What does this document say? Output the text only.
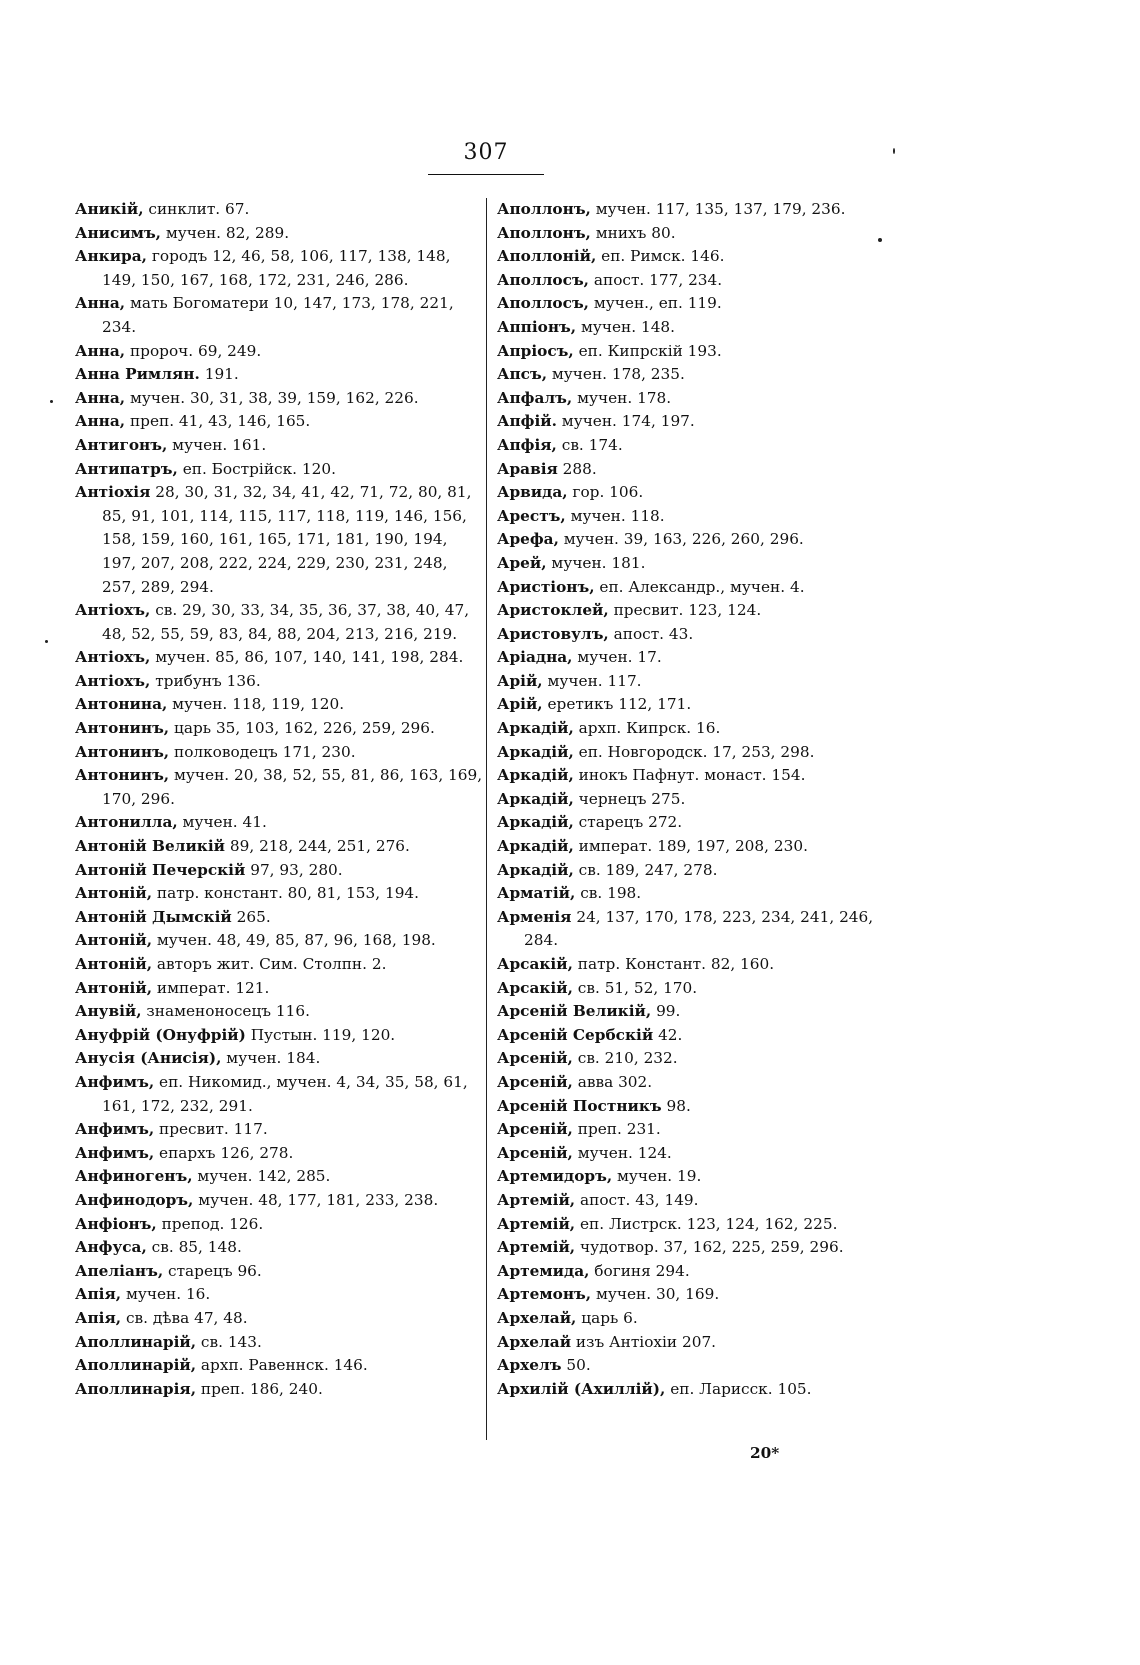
307
Аникій, синклит. 67.
Анисимъ, мучен. 82, 289.
Анкира, городъ 12, 46, 58, 106, 117, 138, 148, 149, 150, 167, 168, 172, 231, 246, 286.
Анна, мать Богоматери 10, 147, 173, 178, 221, 234.
Анна, пророч. 69, 249.
Анна Римлян. 191.
Анна, мучен. 30, 31, 38, 39, 159, 162, 226.
Анна, преп. 41, 43, 146, 165.
Антигонъ, мучен. 161.
Антипатръ, еп. Бострійск. 120.
Антіохія 28, 30, 31, 32, 34, 41, 42, 71, 72, 80, 81, 85, 91, 101, 114, 115, 117, 118, 119, 146, 156, 158, 159, 160, 161, 165, 171, 181, 190, 194, 197, 207, 208, 222, 224, 229, 230, 231, 248, 257, 289, 294.
Антіохъ, св. 29, 30, 33, 34, 35, 36, 37, 38, 40, 47, 48, 52, 55, 59, 83, 84, 88, 204, 213, 216, 219.
Антіохъ, мучен. 85, 86, 107, 140, 141, 198, 284.
Антіохъ, трибунъ 136.
Антонина, мучен. 118, 119, 120.
Антонинъ, царь 35, 103, 162, 226, 259, 296.
Антонинъ, полководецъ 171, 230.
Антонинъ, мучен. 20, 38, 52, 55, 81, 86, 163, 169, 170, 296.
Антонилла, мучен. 41.
Антоній Великій 89, 218, 244, 251, 276.
Антоній Печерскій 97, 93, 280.
Антоній, патр. констант. 80, 81, 153, 194.
Антоній Дымскій 265.
Антоній, мучен. 48, 49, 85, 87, 96, 168, 198.
Антоній, авторъ жит. Сим. Столпн. 2.
Антоній, императ. 121.
Анувій, знаменоносецъ 116.
Ануфрій (Онуфрій) Пустын. 119, 120.
Анусія (Анисія), мучен. 184.
Анфимъ, еп. Никомид., мучен. 4, 34, 35, 58, 61, 161, 172, 232, 291.
Анфимъ, пресвит. 117.
Анфимъ, епархъ 126, 278.
Анфиногенъ, мучен. 142, 285.
Анфинодоръ, мучен. 48, 177, 181, 233, 238.
Анфіонъ, препод. 126.
Анфуса, св. 85, 148.
Апеліанъ, старецъ 96.
Апія, мучен. 16.
Апія, св. дѣва 47, 48.
Аполлинарій, св. 143.
Аполлинарій, архп. Равеннск. 146.
Аполлинарія, преп. 186, 240.
Аполлонъ, мучен. 117, 135, 137, 179, 236.
Аполлонъ, мнихъ 80.
Аполлоній, еп. Римск. 146.
Аполлосъ, апост. 177, 234.
Аполлосъ, мучен., еп. 119.
Аппіонъ, мучен. 148.
Апріосъ, еп. Кипрскій 193.
Апсъ, мучен. 178, 235.
Апфалъ, мучен. 178.
Апфій. мучен. 174, 197.
Апфія, св. 174.
Аравія 288.
Арвида, гор. 106.
Арестъ, мучен. 118.
Арефа, мучен. 39, 163, 226, 260, 296.
Арей, мучен. 181.
Аристіонъ, еп. Александр., мучен. 4.
Аристоклей, пресвит. 123, 124.
Аристовулъ, апост. 43.
Аріадна, мучен. 17.
Арій, мучен. 117.
Арій, еретикъ 112, 171.
Аркадій, архп. Кипрск. 16.
Аркадій, еп. Новгородск. 17, 253, 298.
Аркадій, инокъ Пафнут. монаст. 154.
Аркадій, чернецъ 275.
Аркадій, старецъ 272.
Аркадій, императ. 189, 197, 208, 230.
Аркадій, св. 189, 247, 278.
Арматій, св. 198.
Арменія 24, 137, 170, 178, 223, 234, 241, 246, 284.
Арсакій, патр. Констант. 82, 160.
Арсакій, св. 51, 52, 170.
Арсеній Великій, 99.
Арсеній Сербскій 42.
Арсеній, св. 210, 232.
Арсеній, авва 302.
Арсеній Постникъ 98.
Арсеній, преп. 231.
Арсеній, мучен. 124.
Артемидоръ, мучен. 19.
Артемій, апост. 43, 149.
Артемій, еп. Листрск. 123, 124, 162, 225.
Артемій, чудотвор. 37, 162, 225, 259, 296.
Артемида, богиня 294.
Артемонъ, мучен. 30, 169.
Архелай, царь 6.
Архелай изъ Антіохіи 207.
Архелъ 50.
Архилій (Ахиллій), еп. Ларисск. 105.
20*
